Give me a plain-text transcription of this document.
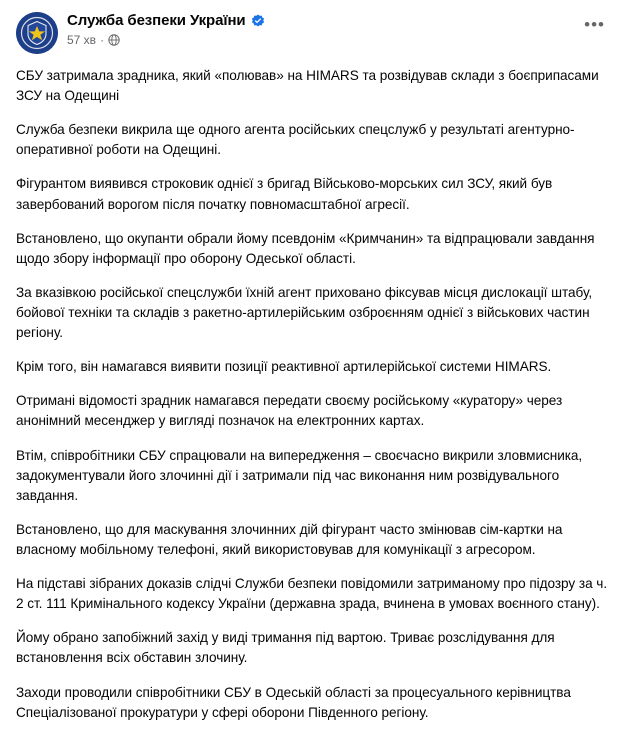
Служба безпеки України
57 хв ·
•••

СБУ затримала зрадника, який «полював» на HIMARS та розвідував склади з боєприпасами ЗСУ на Одещині

Служба безпеки викрила ще одного агента російських спецслужб у результаті агентурно-оперативної роботи на Одещині.

Фігурантом виявився строковик однієї з бригад Військово-морських сил ЗСУ, який був завербований ворогом після початку повномасштабної агресії.

Встановлено, що окупанти обрали йому псевдонім «Кримчанин» та відпрацювали завдання щодо збору інформації про оборону Одеської області.

За вказівкою російської спецслужби їхній агент приховано фіксував місця дислокації штабу, бойової техніки та складів з ракетно-артилерійським озброєнням однієї з військових частин регіону.

Крім того, він намагався виявити позиції реактивної артилерійської системи HIMARS.

Отримані відомості зрадник намагався передати своєму російському «куратору» через анонімний месенджер у вигляді позначок на електронних картах.

Втім, співробітники СБУ спрацювали на випередження – своєчасно викрили зловмисника, задокументували його злочинні дії і затримали під час виконання ним розвідувального завдання.

Встановлено, що для маскування злочинних дій фігурант часто змінював сім-картки на власному мобільному телефоні, який використовував для комунікації з агресором.

На підставі зібраних доказів слідчі Служби безпеки повідомили затриманому про підозру за ч. 2 ст. 111 Кримінального кодексу України (державна зрада, вчинена в умовах воєнного стану).

Йому обрано запобіжний захід у виді тримання під вартою. Триває розслідування для встановлення всіх обставин злочину.

Заходи проводили співробітники СБУ в Одеській області за процесуального керівництва Спеціалізованої прокуратури у сфері оборони Південного регіону.
